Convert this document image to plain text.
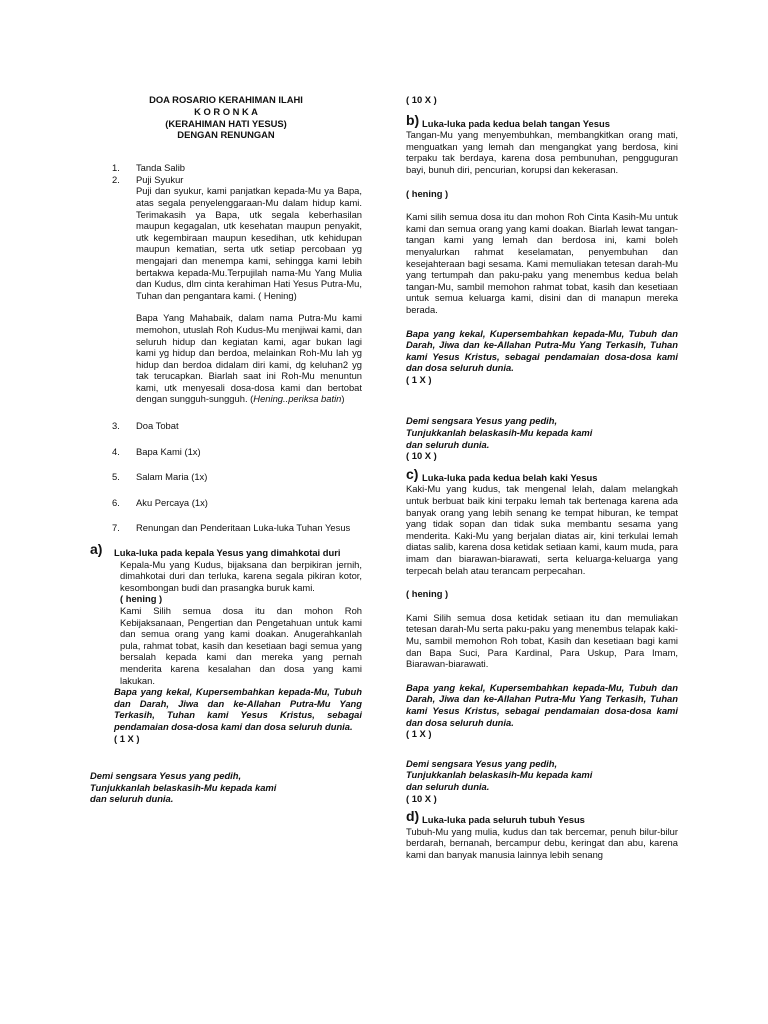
DOA ROSARIO KERAHIMAN ILAHI
K O R O N K A
(KERAHIMAN HATI YESUS)
DENGAN RENUNGAN
1. Tanda Salib
2. Puji Syukur

Puji dan syukur, kami panjatkan kepada-Mu ya Bapa, atas segala penyelenggaraan-Mu dalam hidup kami. Terimakasih ya Bapa, utk segala keberhasilan maupun kegagalan, utk kesehatan maupun penyakit, utk kegembiraan maupun kesedihan, utk kehidupan maupun kematian, serta utk setiap percobaan yg mengajari dan menempa kami, sehingga kami lebih bertakwa kepada-Mu.Terpujilah nama-Mu Yang Mulia dan Kudus, dlm cinta kerahiman Hati Yesus Putra-Mu, Tuhan dan pengantara kami. ( Hening)

Bapa Yang Mahabaik, dalam nama Putra-Mu kami memohon, utuslah Roh Kudus-Mu menjiwai kami, dan seluruh hidup dan kegiatan kami, agar bukan lagi kami yg hidup dan berdoa, melainkan Roh-Mu lah yg hidup dan berdoa didalam diri kami, dg keluhan2 yg tak terucapkan. Biarlah saat ini Roh-Mu menuntun kami, utk menyesali dosa-dosa kami dan bertobat dengan sungguh-sungguh. (Hening..periksa batin)

3. Doa Tobat
4. Bapa Kami (1x)
5. Salam Maria (1x)
6. Aku Percaya (1x)
7. Renungan dan Penderitaan Luka-luka Tuhan Yesus
a) Luka-luka pada kepala Yesus yang dimahkotai duri

Kepala-Mu yang Kudus, bijaksana dan berpikiran jernih, dimahkotai duri dan terluka, karena segala pikiran kotor, kesombongan budi dan prasangka buruk kami.

( hening )

Kami Silih semua dosa itu dan mohon Roh Kebijaksanaan, Pengertian dan Pengetahuan untuk kami dan semua orang yang kami doakan. Anugerahkanlah pula, rahmat tobat, kasih dan kesetiaan bagi semua yang bersalah kepada kami dan mereka yang pernah menderita karena kesalahan dan dosa yang kami lakukan.

Bapa yang kekal, Kupersembahkan kepada-Mu, Tubuh dan Darah, Jiwa dan ke-Allahan Putra-Mu Yang Terkasih, Tuhan kami Yesus Kristus, sebagai pendamaian dosa-dosa kami dan dosa seluruh dunia.

( 1 X )

Demi sengsara Yesus yang pedih,
Tunjukkanlah belaskasih-Mu kepada kami
dan seluruh dunia.
( 10 X )
b) Luka-luka pada kedua belah tangan Yesus

Tangan-Mu yang menyembuhkan, membangkitkan orang mati, menguatkan yang lemah dan mengangkat yang berdosa, kini terpaku tak berdaya, karena dosa pembunuhan, pengguguran bayi, bunuh diri, pencurian, korupsi dan kekerasan.

( hening )

Kami silih semua dosa itu dan mohon Roh Cinta Kasih-Mu untuk kami dan semua orang yang kami doakan. Biarlah lewat tangan-tangan kami yang lemah dan berdosa ini, kami boleh menyalurkan rahmat keselamatan, penyembuhan dan kesejahteraan bagi sesama. Kami memuliakan tetesan darah-Mu yang tertumpah dan paku-paku yang menembus kedua belah tangan-Mu, sambil memohon rahmat tobat, kasih dan kesetiaan untuk semua keluarga kami, disini dan di manapun mereka berada.

Bapa yang kekal, Kupersembahkan kepada-Mu, Tubuh dan Darah, Jiwa dan ke-Allahan Putra-Mu Yang Terkasih, Tuhan kami Yesus Kristus, sebagai pendamaian dosa-dosa kami dan dosa seluruh dunia.

( 1 X )

Demi sengsara Yesus yang pedih,
Tunjukkanlah belaskasih-Mu kepada kami
dan seluruh dunia.
( 10 X )
c) Luka-luka pada kedua belah kaki Yesus

Kaki-Mu yang kudus, tak mengenal lelah, dalam melangkah untuk berbuat baik kini terpaku lemah tak bertenaga karena ada banyak orang yang lebih senang ke tempat hiburan, ke tempat yang tidak sopan dan tidak suka membantu sesama yang menderita. Kaki-Mu yang berjalan diatas air, kini terkulai lemah diatas salib, karena dosa ketidak setiaan kami, kaum muda, para imam dan biarawan-biarawati, serta keluarga-keluarga yang terpecah belah atau terancam perpecahan.

( hening )

Kami Silih semua dosa ketidak setiaan itu dan memuliakan tetesan darah-Mu serta paku-paku yang menembus telapak kaki-Mu, sambil memohon Roh tobat, Kasih dan kesetiaan bagi kami dan Bapa Suci, Para Kardinal, Para Uskup, Para Imam, Biarawan-biarawati.

Bapa yang kekal, Kupersembahkan kepada-Mu, Tubuh dan Darah, Jiwa dan ke-Allahan Putra-Mu Yang Terkasih, Tuhan kami Yesus Kristus, sebagai pendamaian dosa-dosa kami dan dosa seluruh dunia.

( 1 X )

Demi sengsara Yesus yang pedih,
Tunjukkanlah belaskasih-Mu kepada kami
dan seluruh dunia.
( 10 X )
d) Luka-luka pada seluruh tubuh Yesus

Tubuh-Mu yang mulia, kudus dan tak bercemar, penuh bilur-bilur berdarah, bernanah, bercampur debu, keringat dan abu, karena kami dan banyak manusia lainnya lebih senang
